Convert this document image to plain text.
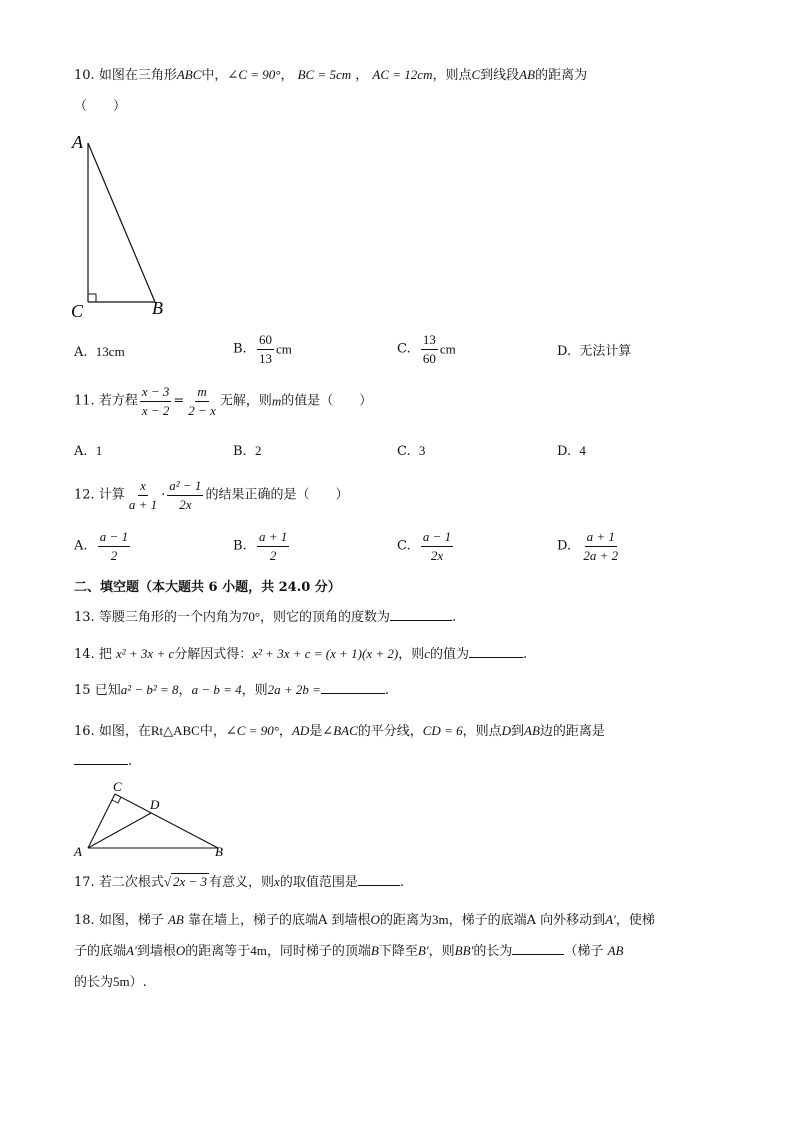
10. 如图在三角形ABC中，∠C = 90°， BC = 5cm ， AC = 12cm，则点C到线段AB的距离为
（　　）
A
C	B
A. 13cm	B. $\frac{60}{13}$ cm	C. $\frac{13}{60}$ cm	D. 无法计算
11. 若方程 $\frac{x - 3}{x - 2} = \frac{m}{2 - x}$ 无解，则m的值是（　　）
A. 1	B. 2	C. 3	D. 4
12. 计算 $\frac{x}{a + 1} \cdot \frac{\text{a² − 1}}{2x}$ 的结果正确的是（　　）
A. $\frac{a - 1}{2}$	B. $\frac{a + 1}{2}$	C. $\frac{a - 1}{2x}$	D. $\frac{a + 1}{2a + 2}$
二、填空题（本大题共 6 小题，共 24.0 分）
13. 等腰三角形的一个内角为70°，则它的顶角的度数为	.
14. 把 x² + 3x + c分解因式得：x² + 3x + c = (x + 1)(x + 2)，则c的值为	.
15 已知a² − b² = 8，a − b = 4，则2a + 2b =	.
16. 如图，在Rt△ABC中，∠C = 90°，AD是∠BAC的平分线，CD = 6，则点D到AB边的距离是
.
C
D
A	B
17. 若二次根式√ 2x − 3 有意义，则x的取值范围是	.
18. 如图，梯子 AB 靠在墙上，梯子的底端A 到墙根O的距离为3m，梯子的底端A 向外移动到A′，使梯
子的底端A′到墙根O的距离等于4m，同时梯子的顶端B下降至B′，则BB′的长为	（梯子 AB
的长为5m）.
